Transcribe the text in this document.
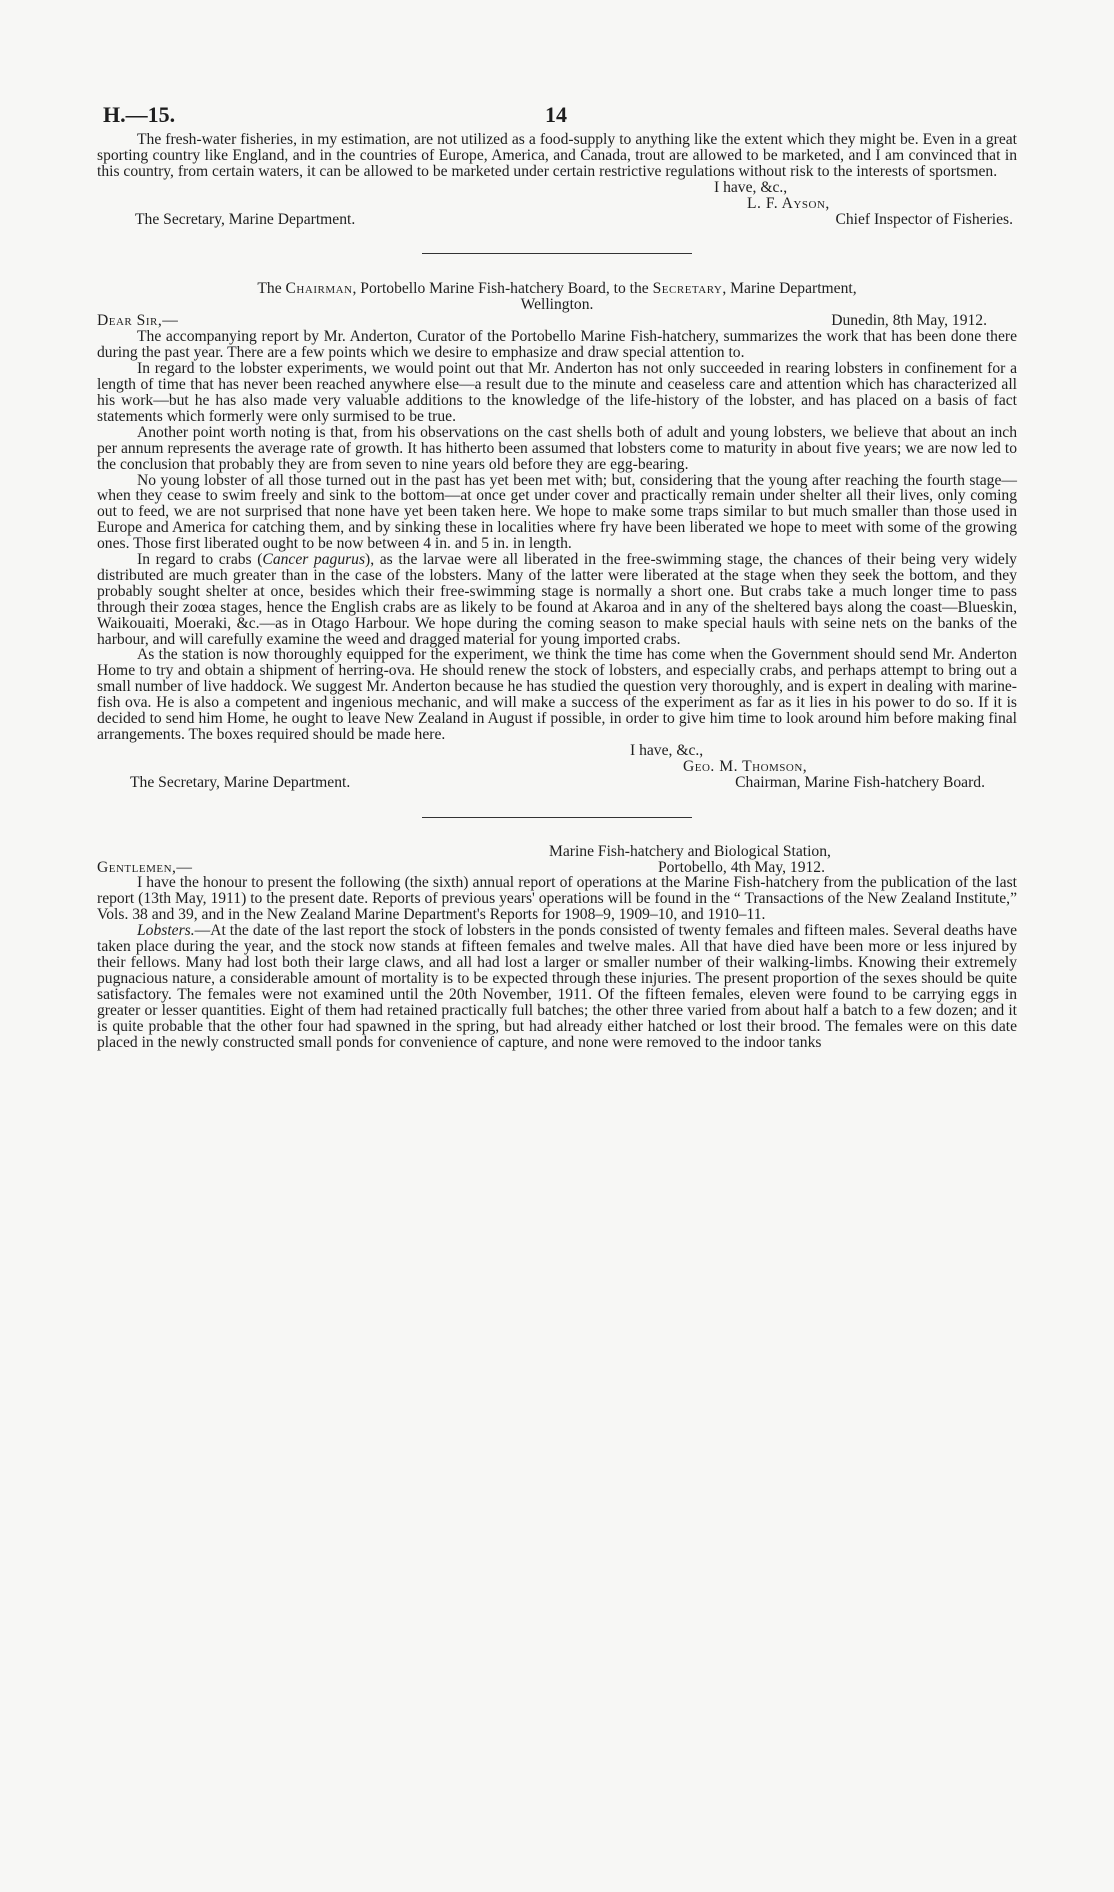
H.—15.	14

The fresh-water fisheries, in my estimation, are not utilized as a food-supply to anything like the extent which they might be. Even in a great sporting country like England, and in the countries of Europe, America, and Canada, trout are allowed to be marketed, and I am convinced that in this country, from certain waters, it can be allowed to be marketed under certain restrictive regulations without risk to the interests of sportsmen.

I have, &c.,
L. F. Ayson,
The Secretary, Marine Department.	Chief Inspector of Fisheries.
The Chairman, Portobello Marine Fish-hatchery Board, to the Secretary, Marine Department,
Wellington.
Dear Sir,—	Dunedin, 8th May, 1912.

The accompanying report by Mr. Anderton, Curator of the Portobello Marine Fish-hatchery, summarizes the work that has been done there during the past year. There are a few points which we desire to emphasize and draw special attention to.

In regard to the lobster experiments, we would point out that Mr. Anderton has not only succeeded in rearing lobsters in confinement for a length of time that has never been reached anywhere else—a result due to the minute and ceaseless care and attention which has characterized all his work—but he has also made very valuable additions to the knowledge of the life-history of the lobster, and has placed on a basis of fact statements which formerly were only surmised to be true.

Another point worth noting is that, from his observations on the cast shells both of adult and young lobsters, we believe that about an inch per annum represents the average rate of growth. It has hitherto been assumed that lobsters come to maturity in about five years; we are now led to the conclusion that probably they are from seven to nine years old before they are egg-bearing.

No young lobster of all those turned out in the past has yet been met with; but, considering that the young after reaching the fourth stage—when they cease to swim freely and sink to the bottom—at once get under cover and practically remain under shelter all their lives, only coming out to feed, we are not surprised that none have yet been taken here. We hope to make some traps similar to but much smaller than those used in Europe and America for catching them, and by sinking these in localities where fry have been liberated we hope to meet with some of the growing ones. Those first liberated ought to be now between 4 in. and 5 in. in length.

In regard to crabs (Cancer pagurus), as the larvae were all liberated in the free-swimming stage, the chances of their being very widely distributed are much greater than in the case of the lobsters. Many of the latter were liberated at the stage when they seek the bottom, and they probably sought shelter at once, besides which their free-swimming stage is normally a short one. But crabs take a much longer time to pass through their zoœa stages, hence the English crabs are as likely to be found at Akaroa and in any of the sheltered bays along the coast—Blueskin, Waikouaiti, Moeraki, &c.—as in Otago Harbour. We hope during the coming season to make special hauls with seine nets on the banks of the harbour, and will carefully examine the weed and dragged material for young imported crabs.

As the station is now thoroughly equipped for the experiment, we think the time has come when the Government should send Mr. Anderton Home to try and obtain a shipment of herring-ova. He should renew the stock of lobsters, and especially crabs, and perhaps attempt to bring out a small number of live haddock. We suggest Mr. Anderton because he has studied the question very thoroughly, and is expert in dealing with marine-fish ova. He is also a competent and ingenious mechanic, and will make a success of the experiment as far as it lies in his power to do so. If it is decided to send him Home, he ought to leave New Zealand in August if possible, in order to give him time to look around him before making final arrangements. The boxes required should be made here.

I have, &c.,
Geo. M. Thomson,
The Secretary, Marine Department.	Chairman, Marine Fish-hatchery Board.
Marine Fish-hatchery and Biological Station,
Gentlemen,—	Portobello, 4th May, 1912.

I have the honour to present the following (the sixth) annual report of operations at the Marine Fish-hatchery from the publication of the last report (13th May, 1911) to the present date. Reports of previous years' operations will be found in the “ Transactions of the New Zealand Institute,” Vols. 38 and 39, and in the New Zealand Marine Department's Reports for 1908–9, 1909–10, and 1910–11.

Lobsters.—At the date of the last report the stock of lobsters in the ponds consisted of twenty females and fifteen males. Several deaths have taken place during the year, and the stock now stands at fifteen females and twelve males. All that have died have been more or less injured by their fellows. Many had lost both their large claws, and all had lost a larger or smaller number of their walking-limbs. Knowing their extremely pugnacious nature, a considerable amount of mortality is to be expected through these injuries. The present proportion of the sexes should be quite satisfactory. The females were not examined until the 20th November, 1911. Of the fifteen females, eleven were found to be carrying eggs in greater or lesser quantities. Eight of them had retained practically full batches; the other three varied from about half a batch to a few dozen; and it is quite probable that the other four had spawned in the spring, but had already either hatched or lost their brood. The females were on this date placed in the newly constructed small ponds for convenience of capture, and none were removed to the indoor tanks
